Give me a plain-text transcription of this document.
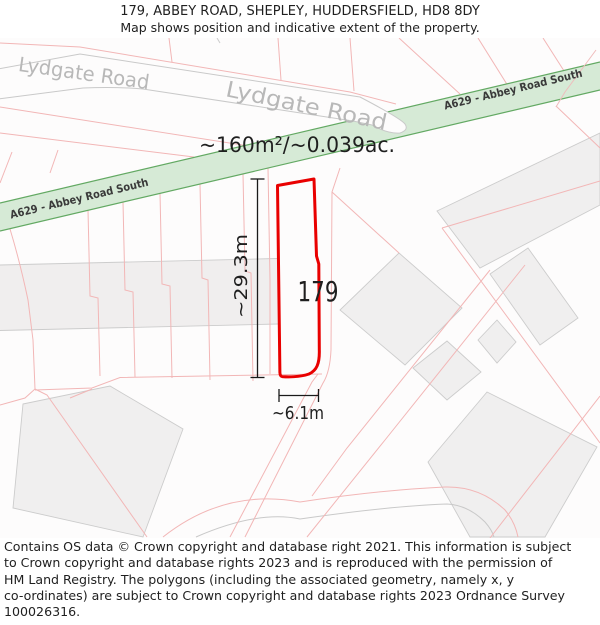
179, ABBEY ROAD, SHEPLEY, HUDDERSFIELD, HD8 8DY
Map shows position and indicative extent of the property.
Lydgate Road
Lydgate Road
A629 - Abbey Road South
A629 - Abbey Road South
~29.3m
~6.1m
~160m²/~0.039ac.
179
Contains OS data © Crown copyright and database right 2021. This information is subject
to Crown copyright and database rights 2023 and is reproduced with the permission of
HM Land Registry. The polygons (including the associated geometry, namely x, y
co-ordinates) are subject to Crown copyright and database rights 2023 Ordnance Survey
100026316.
